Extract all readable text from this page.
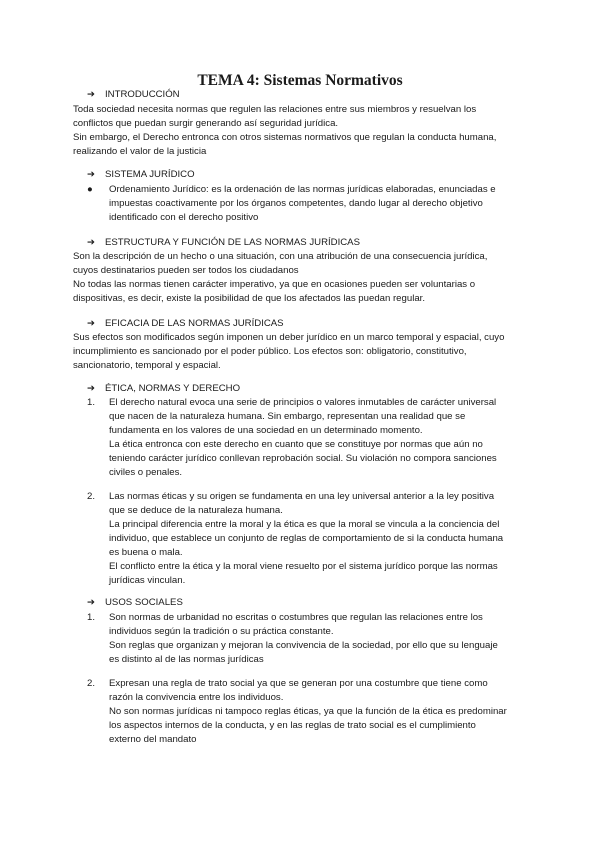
TEMA 4: Sistemas Normativos
➔ INTRODUCCIÓN
Toda sociedad necesita normas que regulen las relaciones entre sus miembros y resuelvan los
conflictos que puedan surgir generando así seguridad jurídica.
Sin embargo, el Derecho entronca con otros sistemas normativos que regulan la conducta humana,
realizando el valor de la justicia
➔ SISTEMA JURÍDICO
● Ordenamiento Jurídico: es la ordenación de las normas jurídicas elaboradas, enunciadas e
impuestas coactivamente por los órganos competentes, dando lugar al derecho objetivo
identificado con el derecho positivo
➔ ESTRUCTURA Y FUNCIÓN DE LAS NORMAS JURÍDICAS
Son la descripción de un hecho o una situación, con una atribución de una consecuencia jurídica,
cuyos destinatarios pueden ser todos los ciudadanos
No todas las normas tienen carácter imperativo, ya que en ocasiones pueden ser voluntarias o
dispositivas, es decir, existe la posibilidad de que los afectados las puedan regular.
➔ EFICACIA DE LAS NORMAS JURÍDICAS
Sus efectos son modificados según imponen un deber jurídico en un marco temporal y espacial, cuyo
incumplimiento es sancionado por el poder público. Los efectos son: obligatorio, constitutivo,
sancionatorio, temporal y espacial.
➔ ÉTICA, NORMAS Y DERECHO
1. El derecho natural evoca una serie de principios o valores inmutables de carácter universal
que nacen de la naturaleza humana. Sin embargo, representan una realidad que se
fundamenta en los valores de una sociedad en un determinado momento.
La ética entronca con este derecho en cuanto que se constituye por normas que aún no
teniendo carácter jurídico conllevan reprobación social. Su violación no compora sanciones
civiles o penales.
2. Las normas éticas y su origen se fundamenta en una ley universal anterior a la ley positiva
que se deduce de la naturaleza humana.
La principal diferencia entre la moral y la ética es que la moral se vincula a la conciencia del
individuo, que establece un conjunto de reglas de comportamiento de si la conducta humana
es buena o mala.
El conflicto entre la ética y la moral viene resuelto por el sistema jurídico porque las normas
jurídicas vinculan.
➔ USOS SOCIALES
1. Son normas de urbanidad no escritas o costumbres que regulan las relaciones entre los
individuos según la tradición o su práctica constante.
Son reglas que organizan y mejoran la convivencia de la sociedad, por ello que su lenguaje
es distinto al de las normas jurídicas
2. Expresan una regla de trato social ya que se generan por una costumbre que tiene como
razón la convivencia entre los individuos.
No son normas jurídicas ni tampoco reglas éticas, ya que la función de la ética es predominar
los aspectos internos de la conducta, y en las reglas de trato social es el cumplimiento
externo del mandato
